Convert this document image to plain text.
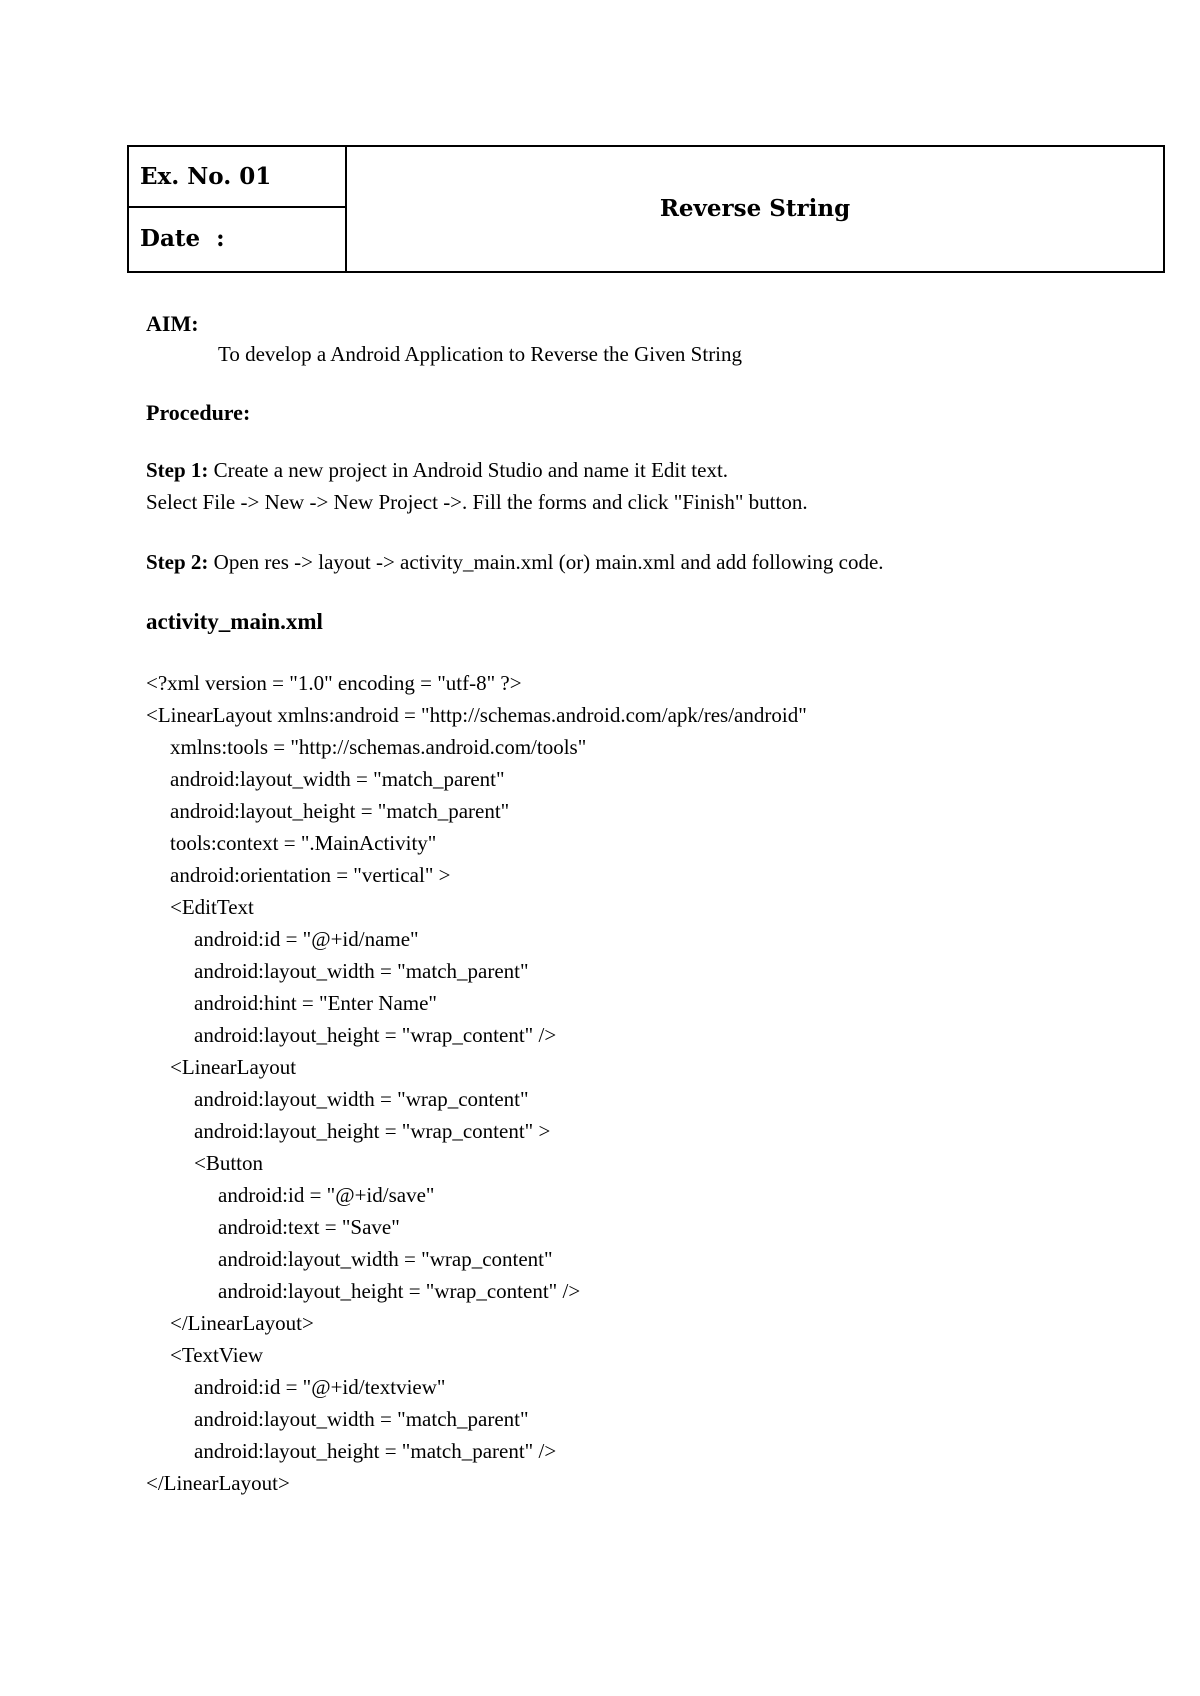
Ex. No. 01
Date  :
Reverse String
AIM:
To develop a Android Application to Reverse the Given String
Procedure:
Step 1: Create a new project in Android Studio and name it Edit text.
Select File -> New -> New Project ->. Fill the forms and click "Finish" button.
Step 2: Open res -> layout -> activity_main.xml (or) main.xml and add following code.
activity_main.xml
<?xml version = "1.0" encoding = "utf-8" ?>
<LinearLayout xmlns:android = "http://schemas.android.com/apk/res/android"
xmlns:tools = "http://schemas.android.com/tools"
android:layout_width = "match_parent"
android:layout_height = "match_parent"
tools:context = ".MainActivity"
android:orientation = "vertical" >
<EditText
android:id = "@+id/name"
android:layout_width = "match_parent"
android:hint = "Enter Name"
android:layout_height = "wrap_content" />
<LinearLayout
android:layout_width = "wrap_content"
android:layout_height = "wrap_content" >
<Button
android:id = "@+id/save"
android:text = "Save"
android:layout_width = "wrap_content"
android:layout_height = "wrap_content" />
</LinearLayout>
<TextView
android:id = "@+id/textview"
android:layout_width = "match_parent"
android:layout_height = "match_parent" />
</LinearLayout>
